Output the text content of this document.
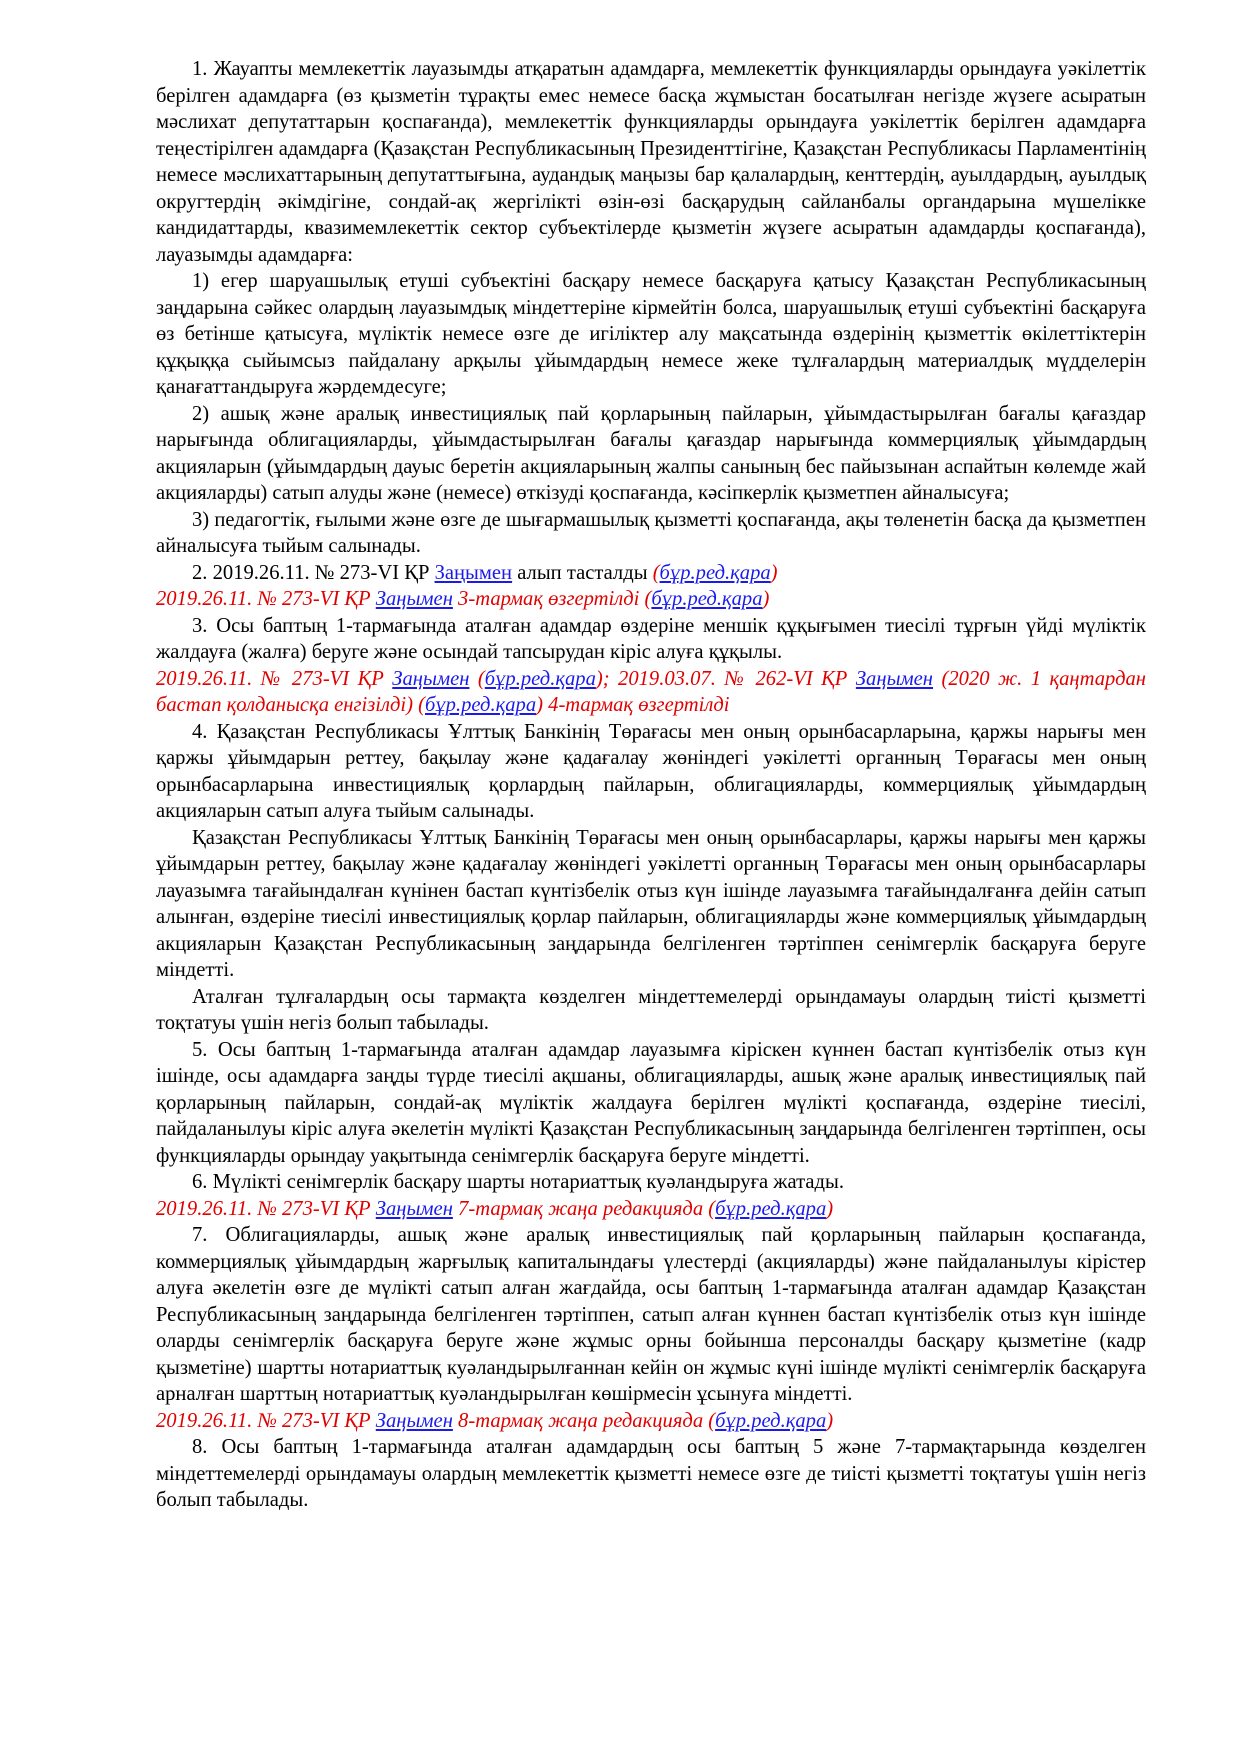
1. Жауапты мемлекеттік лауазымды атқаратын адамдарға, мемлекеттік функцияларды орындауға уәкілеттік берілген адамдарға (өз қызметін тұрақты емес немесе басқа жұмыстан босатылған негізде жүзеге асыратын мәслихат депутаттарын қоспағанда), мемлекеттік функцияларды орындауға уәкілеттік берілген адамдарға теңестірілген адамдарға (Қазақстан Республикасының Президенттігіне, Қазақстан Республикасы Парламентінің немесе мәслихаттарының депутаттығына, аудандық маңызы бар қалалардың, кенттердің, ауылдардың, ауылдық округтердің әкімдігіне, сондай-ақ жергілікті өзін-өзі басқарудың сайланбалы органдарына мүшелікке кандидаттарды, квазимемлекеттік сектор субъектілерде қызметін жүзеге асыратын адамдарды қоспағанда), лауазымды адамдарға:

1) егер шаруашылық етуші субъектіні басқару немесе басқаруға қатысу Қазақстан Республикасының заңдарына сәйкес олардың лауазымдық міндеттеріне кірмейтін болса, шаруашылық етуші субъектіні басқаруға өз бетінше қатысуға, мүліктік немесе өзге де игіліктер алу мақсатында өздерінің қызметтік өкілеттіктерін құқыққа сыйымсыз пайдалану арқылы ұйымдардың немесе жеке тұлғалардың материалдық мүдделерін қанағаттандыруға жәрдемдесуге;

2) ашық және аралық инвестициялық пай қорларының пайларын, ұйымдастырылған бағалы қағаздар нарығында облигацияларды, ұйымдастырылған бағалы қағаздар нарығында коммерциялық ұйымдардың акцияларын (ұйымдардың дауыс беретін акцияларының жалпы санының бес пайызынан аспайтын көлемде жай акцияларды) сатып алуды және (немесе) өткізуді қоспағанда, кәсіпкерлік қызметпен айналысуға;

3) педагогтік, ғылыми және өзге де шығармашылық қызметті қоспағанда, ақы төленетін басқа да қызметпен айналысуға тыйым салынады.

2. 2019.26.11. № 273-VI ҚР Заңымен алып тасталды (бұр.ред.қара)

2019.26.11. № 273-VI ҚР Заңымен 3-тармақ өзгертілді (бұр.ред.қара)

3. Осы баптың 1-тармағында аталған адамдар өздеріне меншік құқығымен тиесілі тұрғын үйді мүліктік жалдауға (жалға) беруге және осындай тапсырудан кіріс алуға құқылы.

2019.26.11. № 273-VI ҚР Заңымен (бұр.ред.қара); 2019.03.07. № 262-VI ҚР Заңымен (2020 ж. 1 қаңтардан бастап қолданысқа енгізілді) (бұр.ред.қара) 4-тармақ өзгертілді

4. Қазақстан Республикасы Ұлттық Банкінің Төрағасы мен оның орынбасарларына, қаржы нарығы мен қаржы ұйымдарын реттеу, бақылау және қадағалау жөніндегі уәкілетті органның Төрағасы мен оның орынбасарларына инвестициялық қорлардың пайларын, облигацияларды, коммерциялық ұйымдардың акцияларын сатып алуға тыйым салынады.

Қазақстан Республикасы Ұлттық Банкінің Төрағасы мен оның орынбасарлары, қаржы нарығы мен қаржы ұйымдарын реттеу, бақылау және қадағалау жөніндегі уәкілетті органның Төрағасы мен оның орынбасарлары лауазымға тағайындалған күнінен бастап күнтізбелік отыз күн ішінде лауазымға тағайындалғанға дейін сатып алынған, өздеріне тиесілі инвестициялық қорлар пайларын, облигацияларды және коммерциялық ұйымдардың акцияларын Қазақстан Республикасының заңдарында белгіленген тәртіппен сенімгерлік басқаруға беруге міндетті.

Аталған тұлғалардың осы тармақта көзделген міндеттемелерді орындамауы олардың тиісті қызметті тоқтатуы үшін негіз болып табылады.

5. Осы баптың 1-тармағында аталған адамдар лауазымға кіріскен күннен бастап күнтізбелік отыз күн ішінде, осы адамдарға заңды түрде тиесілі ақшаны, облигацияларды, ашық және аралық инвестициялық пай қорларының пайларын, сондай-ақ мүліктік жалдауға берілген мүлікті қоспағанда, өздеріне тиесілі, пайдаланылуы кіріс алуға әкелетін мүлікті Қазақстан Республикасының заңдарында белгіленген тәртіппен, осы функцияларды орындау уақытында сенімгерлік басқаруға беруге міндетті.

6. Мүлікті сенімгерлік басқару шарты нотариаттық куәландыруға жатады.

2019.26.11. № 273-VI ҚР Заңымен 7-тармақ жаңа редакцияда (бұр.ред.қара)

7. Облигацияларды, ашық және аралық инвестициялық пай қорларының пайларын қоспағанда, коммерциялық ұйымдардың жарғылық капиталындағы үлестерді (акцияларды) және пайдаланылуы кірістер алуға әкелетін өзге де мүлікті сатып алған жағдайда, осы баптың 1-тармағында аталған адамдар Қазақстан Республикасының заңдарында белгіленген тәртіппен, сатып алған күннен бастап күнтізбелік отыз күн ішінде оларды сенімгерлік басқаруға беруге және жұмыс орны бойынша персоналды басқару қызметіне (кадр қызметіне) шартты нотариаттық куәландырылғаннан кейін он жұмыс күні ішінде мүлікті сенімгерлік басқаруға арналған шарттың нотариаттық куәландырылған көшірмесін ұсынуға міндетті.

2019.26.11. № 273-VI ҚР Заңымен 8-тармақ жаңа редакцияда (бұр.ред.қара)

8. Осы баптың 1-тармағында аталған адамдардың осы баптың 5 және 7-тармақтарында көзделген міндеттемелерді орындамауы олардың мемлекеттік қызметті немесе өзге де тиісті қызметті тоқтатуы үшін негіз болып табылады.
